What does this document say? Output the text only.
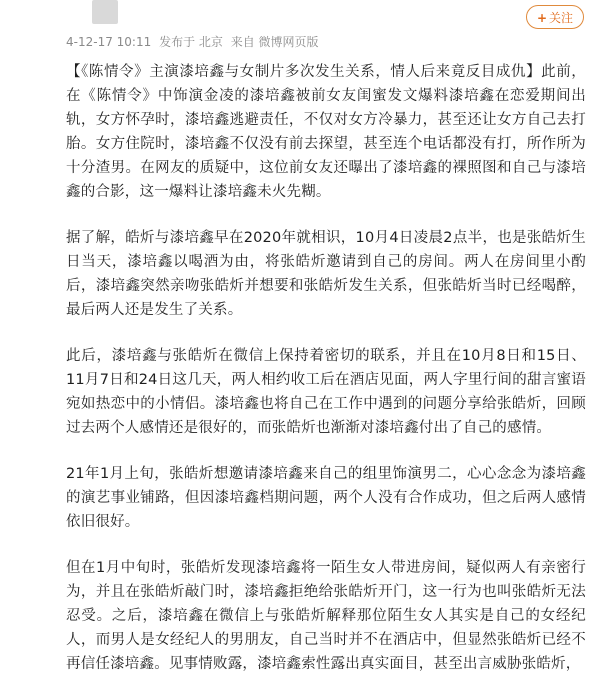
+ 关注
4-12-17 10:11 发布于 北京 来自 微博网页版

【《陈情令》主演漆培鑫与女制片多次发生关系，情人后来竟反目成仇】此前，在《陈情令》中饰演金凌的漆培鑫被前女友闺蜜发文爆料漆培鑫在恋爱期间出轨，女方怀孕时，漆培鑫逃避责任，不仅对女方冷暴力，甚至还让女方自己去打胎。女方住院时，漆培鑫不仅没有前去探望，甚至连个电话都没有打，所作所为十分渣男。在网友的质疑中，这位前女友还曝出了漆培鑫的裸照图和自己与漆培鑫的合影，这一爆料让漆培鑫未火先糊。

据了解，皓炘与漆培鑫早在2020年就相识，10月4日凌晨2点半，也是张皓炘生日当天，漆培鑫以喝酒为由，将张皓炘邀请到自己的房间。两人在房间里小酌后，漆培鑫突然亲吻张皓炘并想要和张皓炘发生关系，但张皓炘当时已经喝醉，最后两人还是发生了关系。

此后，漆培鑫与张皓炘在微信上保持着密切的联系，并且在10月8日和15日、11月7日和24日这几天，两人相约收工后在酒店见面，两人字里行间的甜言蜜语宛如热恋中的小情侣。漆培鑫也将自己在工作中遇到的问题分享给张皓炘，回顾过去两个人感情还是很好的，而张皓炘也渐渐对漆培鑫付出了自己的感情。

21年1月上旬，张皓炘想邀请漆培鑫来自己的组里饰演男二，心心念念为漆培鑫的演艺事业铺路，但因漆培鑫档期问题，两个人没有合作成功，但之后两人感情依旧很好。

但在1月中旬时，张皓炘发现漆培鑫将一陌生女人带进房间，疑似两人有亲密行为，并且在张皓炘敲门时，漆培鑫拒绝给张皓炘开门，这一行为也叫张皓炘无法忍受。之后，漆培鑫在微信上与张皓炘解释那位陌生女人其实是自己的女经纪人，而男人是女经纪人的男朋友，自己当时并不在酒店中，但显然张皓炘已经不再信任漆培鑫。见事情败露，漆培鑫索性露出真实面目，甚至出言威胁张皓炘，
